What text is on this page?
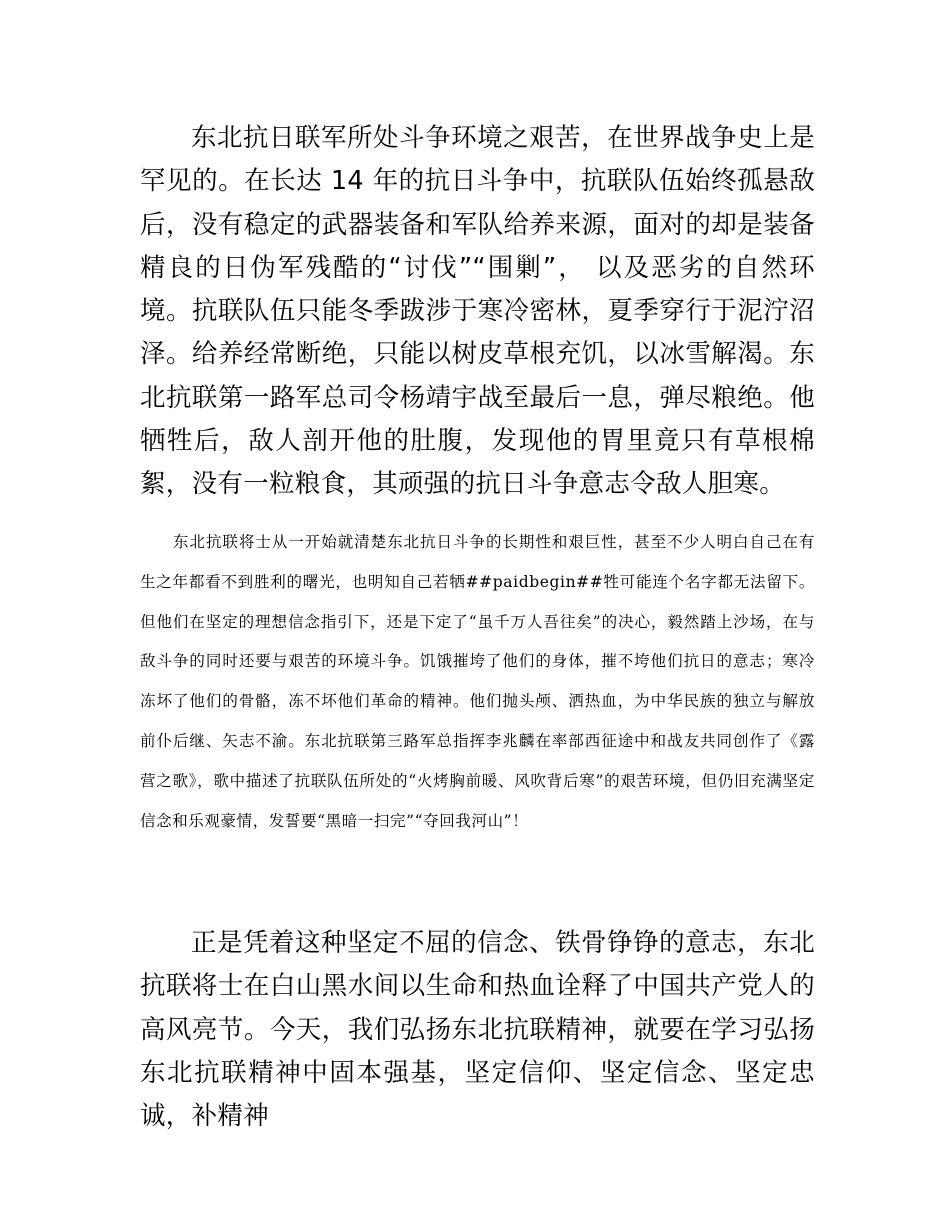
东北抗日联军所处斗争环境之艰苦，在世界战争史上是罕见的。在长达 14 年的抗日斗争中，抗联队伍始终孤悬敌后，没有稳定的武器装备和军队给养来源，面对的却是装备精良的日伪军残酷的“讨伐”“围剿”， 以及恶劣的自然环境。抗联队伍只能冬季跋涉于寒冷密林，夏季穿行于泥泞沼泽。给养经常断绝，只能以树皮草根充饥，以冰雪解渴。东北抗联第一路军总司令杨靖宇战至最后一息，弹尽粮绝。他牺牲后，敌人剖开他的肚腹，发现他的胃里竟只有草根棉絮，没有一粒粮食，其顽强的抗日斗争意志令敌人胆寒。

东北抗联将士从一开始就清楚东北抗日斗争的长期性和艰巨性，甚至不少人明白自己在有生之年都看不到胜利的曙光，也明知自己若牺##paidbegin##牲可能连个名字都无法留下。但他们在坚定的理想信念指引下，还是下定了“虽千万人吾往矣”的决心，毅然踏上沙场，在与敌斗争的同时还要与艰苦的环境斗争。饥饿摧垮了他们的身体，摧不垮他们抗日的意志；寒冷冻坏了他们的骨骼，冻不坏他们革命的精神。他们抛头颅、洒热血，为中华民族的独立与解放前仆后继、矢志不渝。东北抗联第三路军总指挥李兆麟在率部西征途中和战友共同创作了《露营之歌》，歌中描述了抗联队伍所处的“火烤胸前暖、风吹背后寒”的艰苦环境，但仍旧充满坚定信念和乐观豪情，发誓要“黑暗一扫完”“夺回我河山”！

正是凭着这种坚定不屈的信念、铁骨铮铮的意志，东北抗联将士在白山黑水间以生命和热血诠释了中国共产党人的高风亮节。今天，我们弘扬东北抗联精神，就要在学习弘扬东北抗联精神中固本强基，坚定信仰、坚定信念、坚定忠诚，补精神
